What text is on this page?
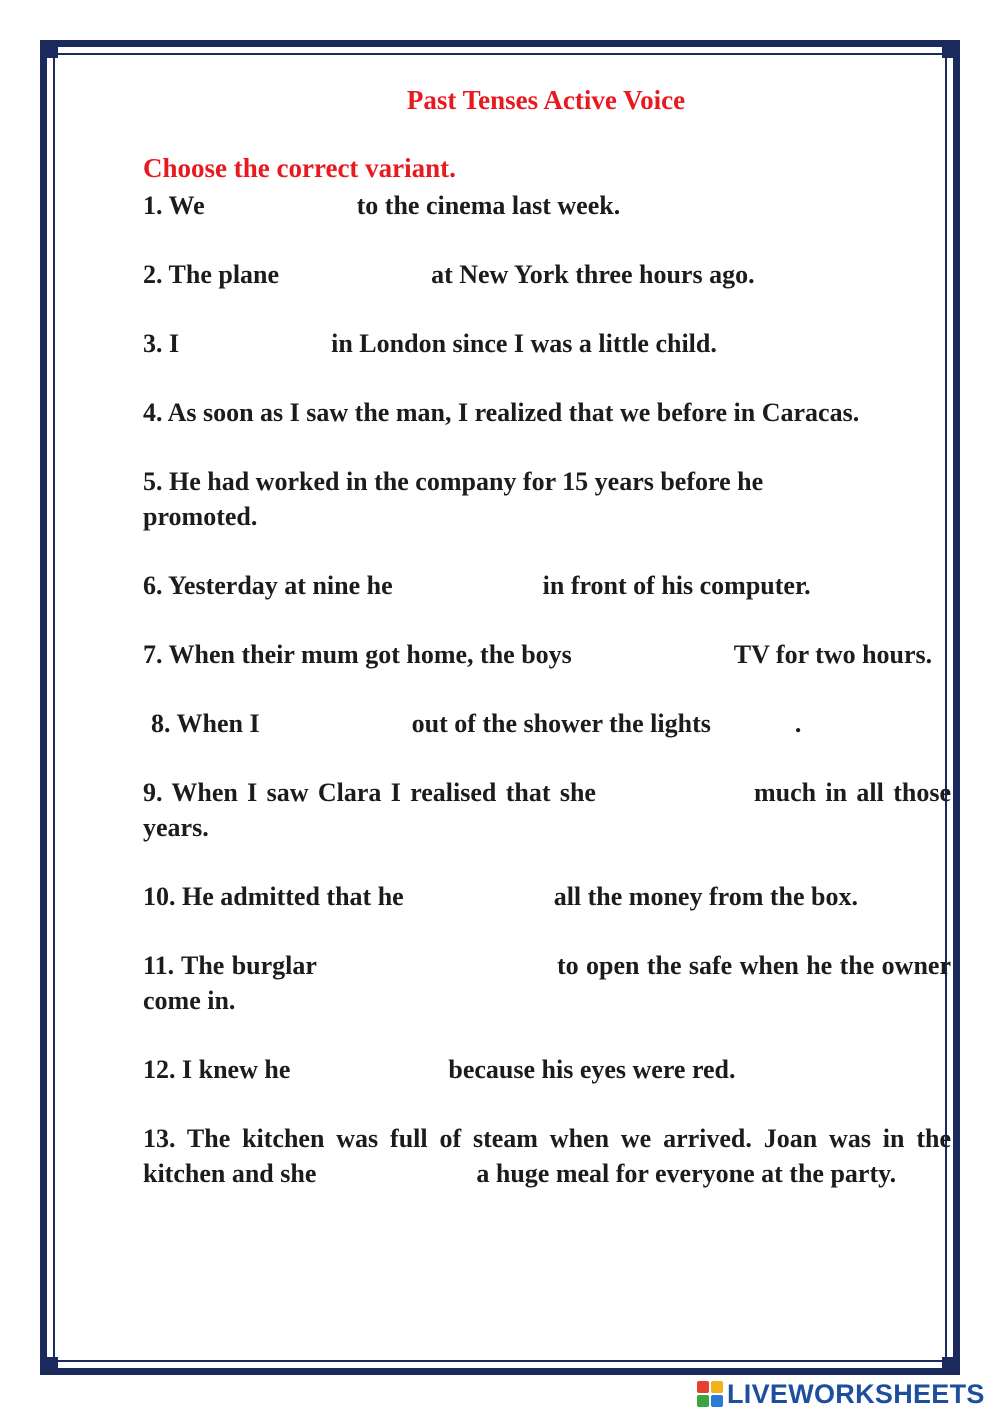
Past Tenses Active Voice
Choose the correct variant.
1. We	to the cinema last week.
2. The plane	at New York three hours ago.
3. I	in London since I was a little child.
4. As soon as I saw the man, I realized that we before in Caracas.
5. He had worked in the company for 15 years before he
promoted.
6. Yesterday at nine he	in front of his computer.
7. When their mum got home, the boys	TV for two hours.
8. When I	out of the shower the lights	.
9. When I saw Clara I realised that she	much in all those years.
10. He admitted that he	all the money from the box.
11. The burglar	to open the safe when he the owner come in.
12. I knew he	because his eyes were red.
13. The kitchen was full of steam when we arrived. Joan was in the kitchen and she	a huge meal for everyone at the party.
LIVEWORKSHEETS
